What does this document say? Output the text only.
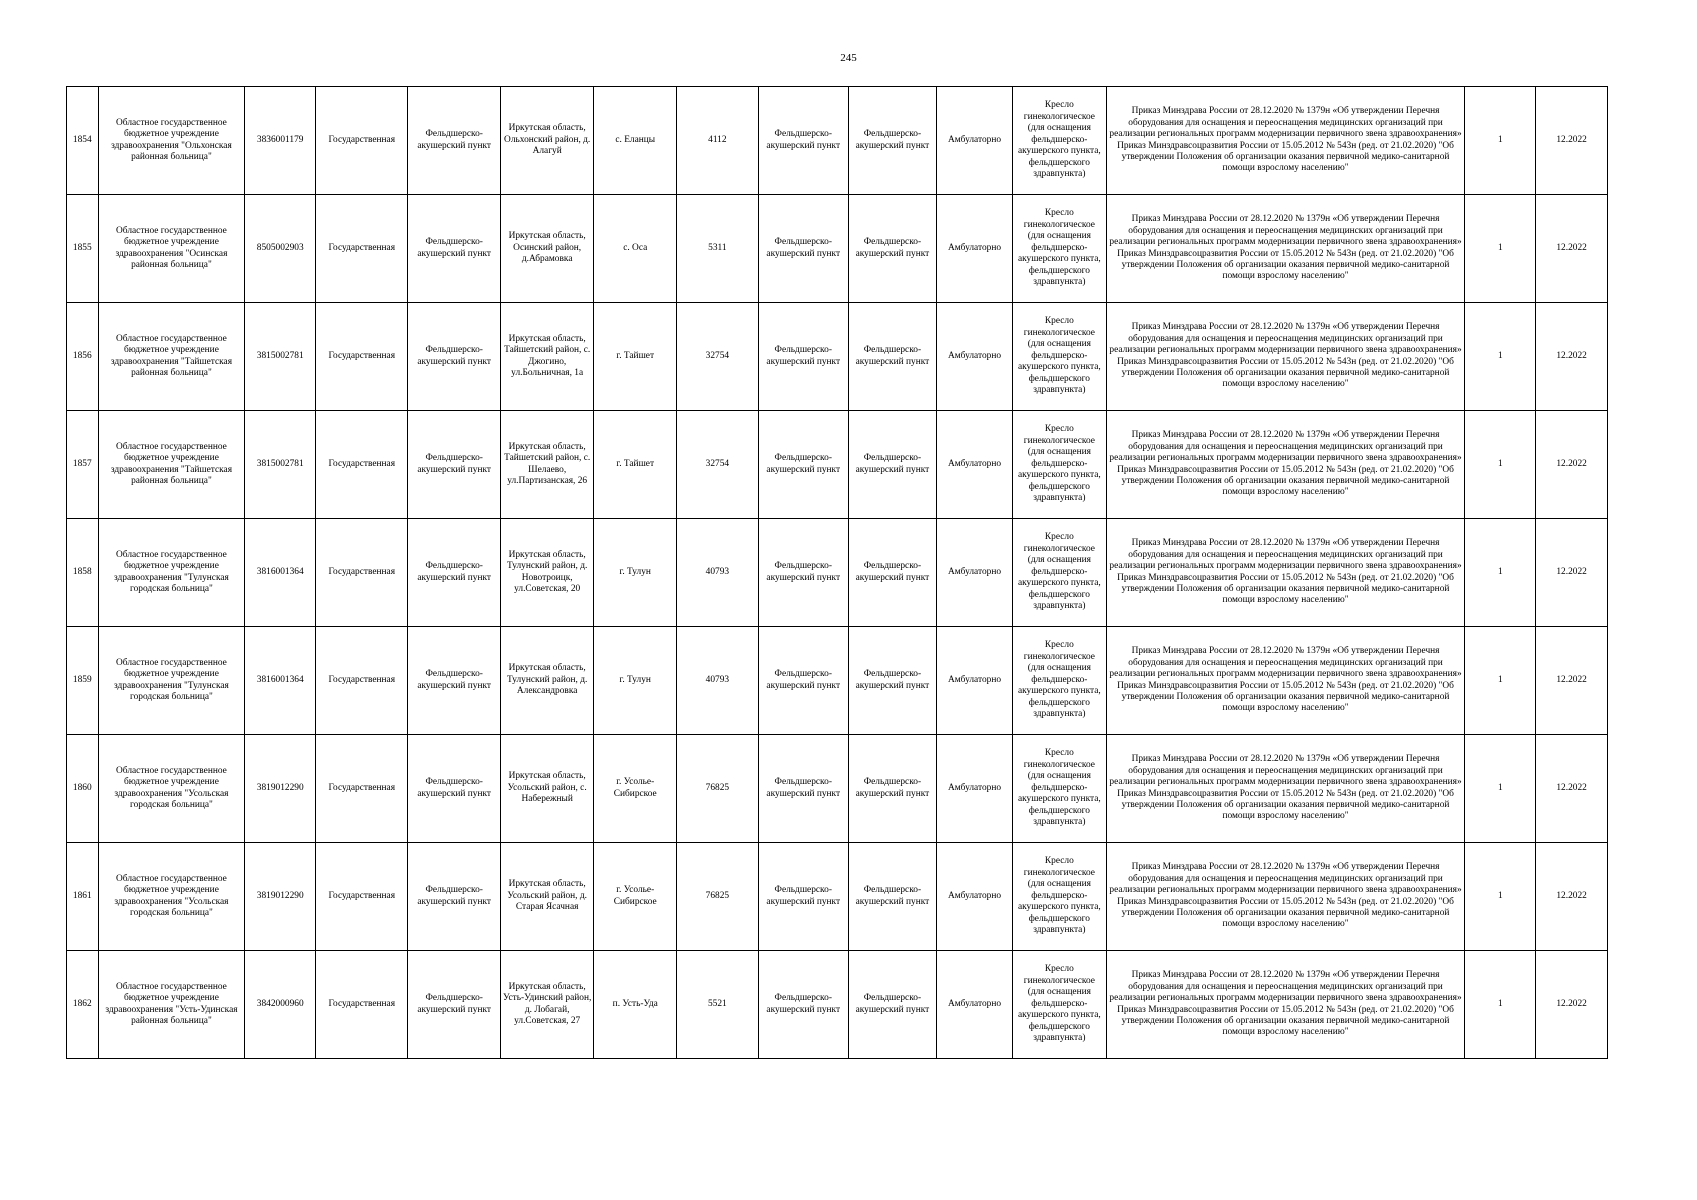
245
1854	Областное государственное бюджетное учреждение здравоохранения "Ольхонская районная больница"	3836001179	Государственная	Фельдшерско-акушерский пункт	Иркутская область, Ольхонский район, д. Алагуй	с. Еланцы	4112	Фельдшерско-акушерский пункт	Фельдшерско-акушерский пункт	Амбулаторно	Кресло гинекологическое (для оснащения фельдшерско-акушерского пункта, фельдшерского здравпункта)	Приказ Минздрава России от 28.12.2020 № 1379н «Об утверждении Перечня оборудования для оснащения и переоснащения медицинских организаций при реализации региональных программ модернизации первичного звена здравоохранения» Приказ Минздравсоцразвития России от 15.05.2012 № 543н (ред. от 21.02.2020) "Об утверждении Положения об организации оказания первичной медико-санитарной помощи взрослому населению"	1	12.2022
1855	Областное государственное бюджетное учреждение здравоохранения "Осинская районная больница"	8505002903	Государственная	Фельдшерско-акушерский пункт	Иркутская область, Осинский район, д.Абрамовка	с. Оса	5311	Фельдшерско-акушерский пункт	Фельдшерско-акушерский пункт	Амбулаторно	Кресло гинекологическое (для оснащения фельдшерско-акушерского пункта, фельдшерского здравпункта)	Приказ Минздрава России от 28.12.2020 № 1379н «Об утверждении Перечня оборудования для оснащения и переоснащения медицинских организаций при реализации региональных программ модернизации первичного звена здравоохранения» Приказ Минздравсоцразвития России от 15.05.2012 № 543н (ред. от 21.02.2020) "Об утверждении Положения об организации оказания первичной медико-санитарной помощи взрослому населению"	1	12.2022
1856	Областное государственное бюджетное учреждение здравоохранения "Тайшетская районная больница"	3815002781	Государственная	Фельдшерско-акушерский пункт	Иркутская область, Тайшетский район, с. Джогино, ул.Больничная, 1а	г. Тайшет	32754	Фельдшерско-акушерский пункт	Фельдшерско-акушерский пункт	Амбулаторно	Кресло гинекологическое (для оснащения фельдшерско-акушерского пункта, фельдшерского здравпункта)	Приказ Минздрава России от 28.12.2020 № 1379н «Об утверждении Перечня оборудования для оснащения и переоснащения медицинских организаций при реализации региональных программ модернизации первичного звена здравоохранения» Приказ Минздравсоцразвития России от 15.05.2012 № 543н (ред. от 21.02.2020) "Об утверждении Положения об организации оказания первичной медико-санитарной помощи взрослому населению"	1	12.2022
1857	Областное государственное бюджетное учреждение здравоохранения "Тайшетская районная больница"	3815002781	Государственная	Фельдшерско-акушерский пункт	Иркутская область, Тайшетский район, с. Шелаево, ул.Партизанская, 26	г. Тайшет	32754	Фельдшерско-акушерский пункт	Фельдшерско-акушерский пункт	Амбулаторно	Кресло гинекологическое (для оснащения фельдшерско-акушерского пункта, фельдшерского здравпункта)	Приказ Минздрава России от 28.12.2020 № 1379н «Об утверждении Перечня оборудования для оснащения и переоснащения медицинских организаций при реализации региональных программ модернизации первичного звена здравоохранения» Приказ Минздравсоцразвития России от 15.05.2012 № 543н (ред. от 21.02.2020) "Об утверждении Положения об организации оказания первичной медико-санитарной помощи взрослому населению"	1	12.2022
1858	Областное государственное бюджетное учреждение здравоохранения "Тулунская городская больница"	3816001364	Государственная	Фельдшерско-акушерский пункт	Иркутская область, Тулунский район, д. Новотроицк, ул.Советская, 20	г. Тулун	40793	Фельдшерско-акушерский пункт	Фельдшерско-акушерский пункт	Амбулаторно	Кресло гинекологическое (для оснащения фельдшерско-акушерского пункта, фельдшерского здравпункта)	Приказ Минздрава России от 28.12.2020 № 1379н «Об утверждении Перечня оборудования для оснащения и переоснащения медицинских организаций при реализации региональных программ модернизации первичного звена здравоохранения» Приказ Минздравсоцразвития России от 15.05.2012 № 543н (ред. от 21.02.2020) "Об утверждении Положения об организации оказания первичной медико-санитарной помощи взрослому населению"	1	12.2022
1859	Областное государственное бюджетное учреждение здравоохранения "Тулунская городская больница"	3816001364	Государственная	Фельдшерско-акушерский пункт	Иркутская область, Тулунский район, д. Александровка	г. Тулун	40793	Фельдшерско-акушерский пункт	Фельдшерско-акушерский пункт	Амбулаторно	Кресло гинекологическое (для оснащения фельдшерско-акушерского пункта, фельдшерского здравпункта)	Приказ Минздрава России от 28.12.2020 № 1379н «Об утверждении Перечня оборудования для оснащения и переоснащения медицинских организаций при реализации региональных программ модернизации первичного звена здравоохранения» Приказ Минздравсоцразвития России от 15.05.2012 № 543н (ред. от 21.02.2020) "Об утверждении Положения об организации оказания первичной медико-санитарной помощи взрослому населению"	1	12.2022
1860	Областное государственное бюджетное учреждение здравоохранения "Усольская городская больница"	3819012290	Государственная	Фельдшерско-акушерский пункт	Иркутская область, Усольский район, с. Набережный	г. Усолье-Сибирское	76825	Фельдшерско-акушерский пункт	Фельдшерско-акушерский пункт	Амбулаторно	Кресло гинекологическое (для оснащения фельдшерско-акушерского пункта, фельдшерского здравпункта)	Приказ Минздрава России от 28.12.2020 № 1379н «Об утверждении Перечня оборудования для оснащения и переоснащения медицинских организаций при реализации региональных программ модернизации первичного звена здравоохранения» Приказ Минздравсоцразвития России от 15.05.2012 № 543н (ред. от 21.02.2020) "Об утверждении Положения об организации оказания первичной медико-санитарной помощи взрослому населению"	1	12.2022
1861	Областное государственное бюджетное учреждение здравоохранения "Усольская городская больница"	3819012290	Государственная	Фельдшерско-акушерский пункт	Иркутская область, Усольский район, д. Старая Ясачная	г. Усолье-Сибирское	76825	Фельдшерско-акушерский пункт	Фельдшерско-акушерский пункт	Амбулаторно	Кресло гинекологическое (для оснащения фельдшерско-акушерского пункта, фельдшерского здравпункта)	Приказ Минздрава России от 28.12.2020 № 1379н «Об утверждении Перечня оборудования для оснащения и переоснащения медицинских организаций при реализации региональных программ модернизации первичного звена здравоохранения» Приказ Минздравсоцразвития России от 15.05.2012 № 543н (ред. от 21.02.2020) "Об утверждении Положения об организации оказания первичной медико-санитарной помощи взрослому населению"	1	12.2022
1862	Областное государственное бюджетное учреждение здравоохранения "Усть-Удинская районная больница"	3842000960	Государственная	Фельдшерско-акушерский пункт	Иркутская область, Усть-Удинский район, д. Лобагай, ул.Советская, 27	п. Усть-Уда	5521	Фельдшерско-акушерский пункт	Фельдшерско-акушерский пункт	Амбулаторно	Кресло гинекологическое (для оснащения фельдшерско-акушерского пункта, фельдшерского здравпункта)	Приказ Минздрава России от 28.12.2020 № 1379н «Об утверждении Перечня оборудования для оснащения и переоснащения медицинских организаций при реализации региональных программ модернизации первичного звена здравоохранения» Приказ Минздравсоцразвития России от 15.05.2012 № 543н (ред. от 21.02.2020) "Об утверждении Положения об организации оказания первичной медико-санитарной помощи взрослому населению"	1	12.2022
